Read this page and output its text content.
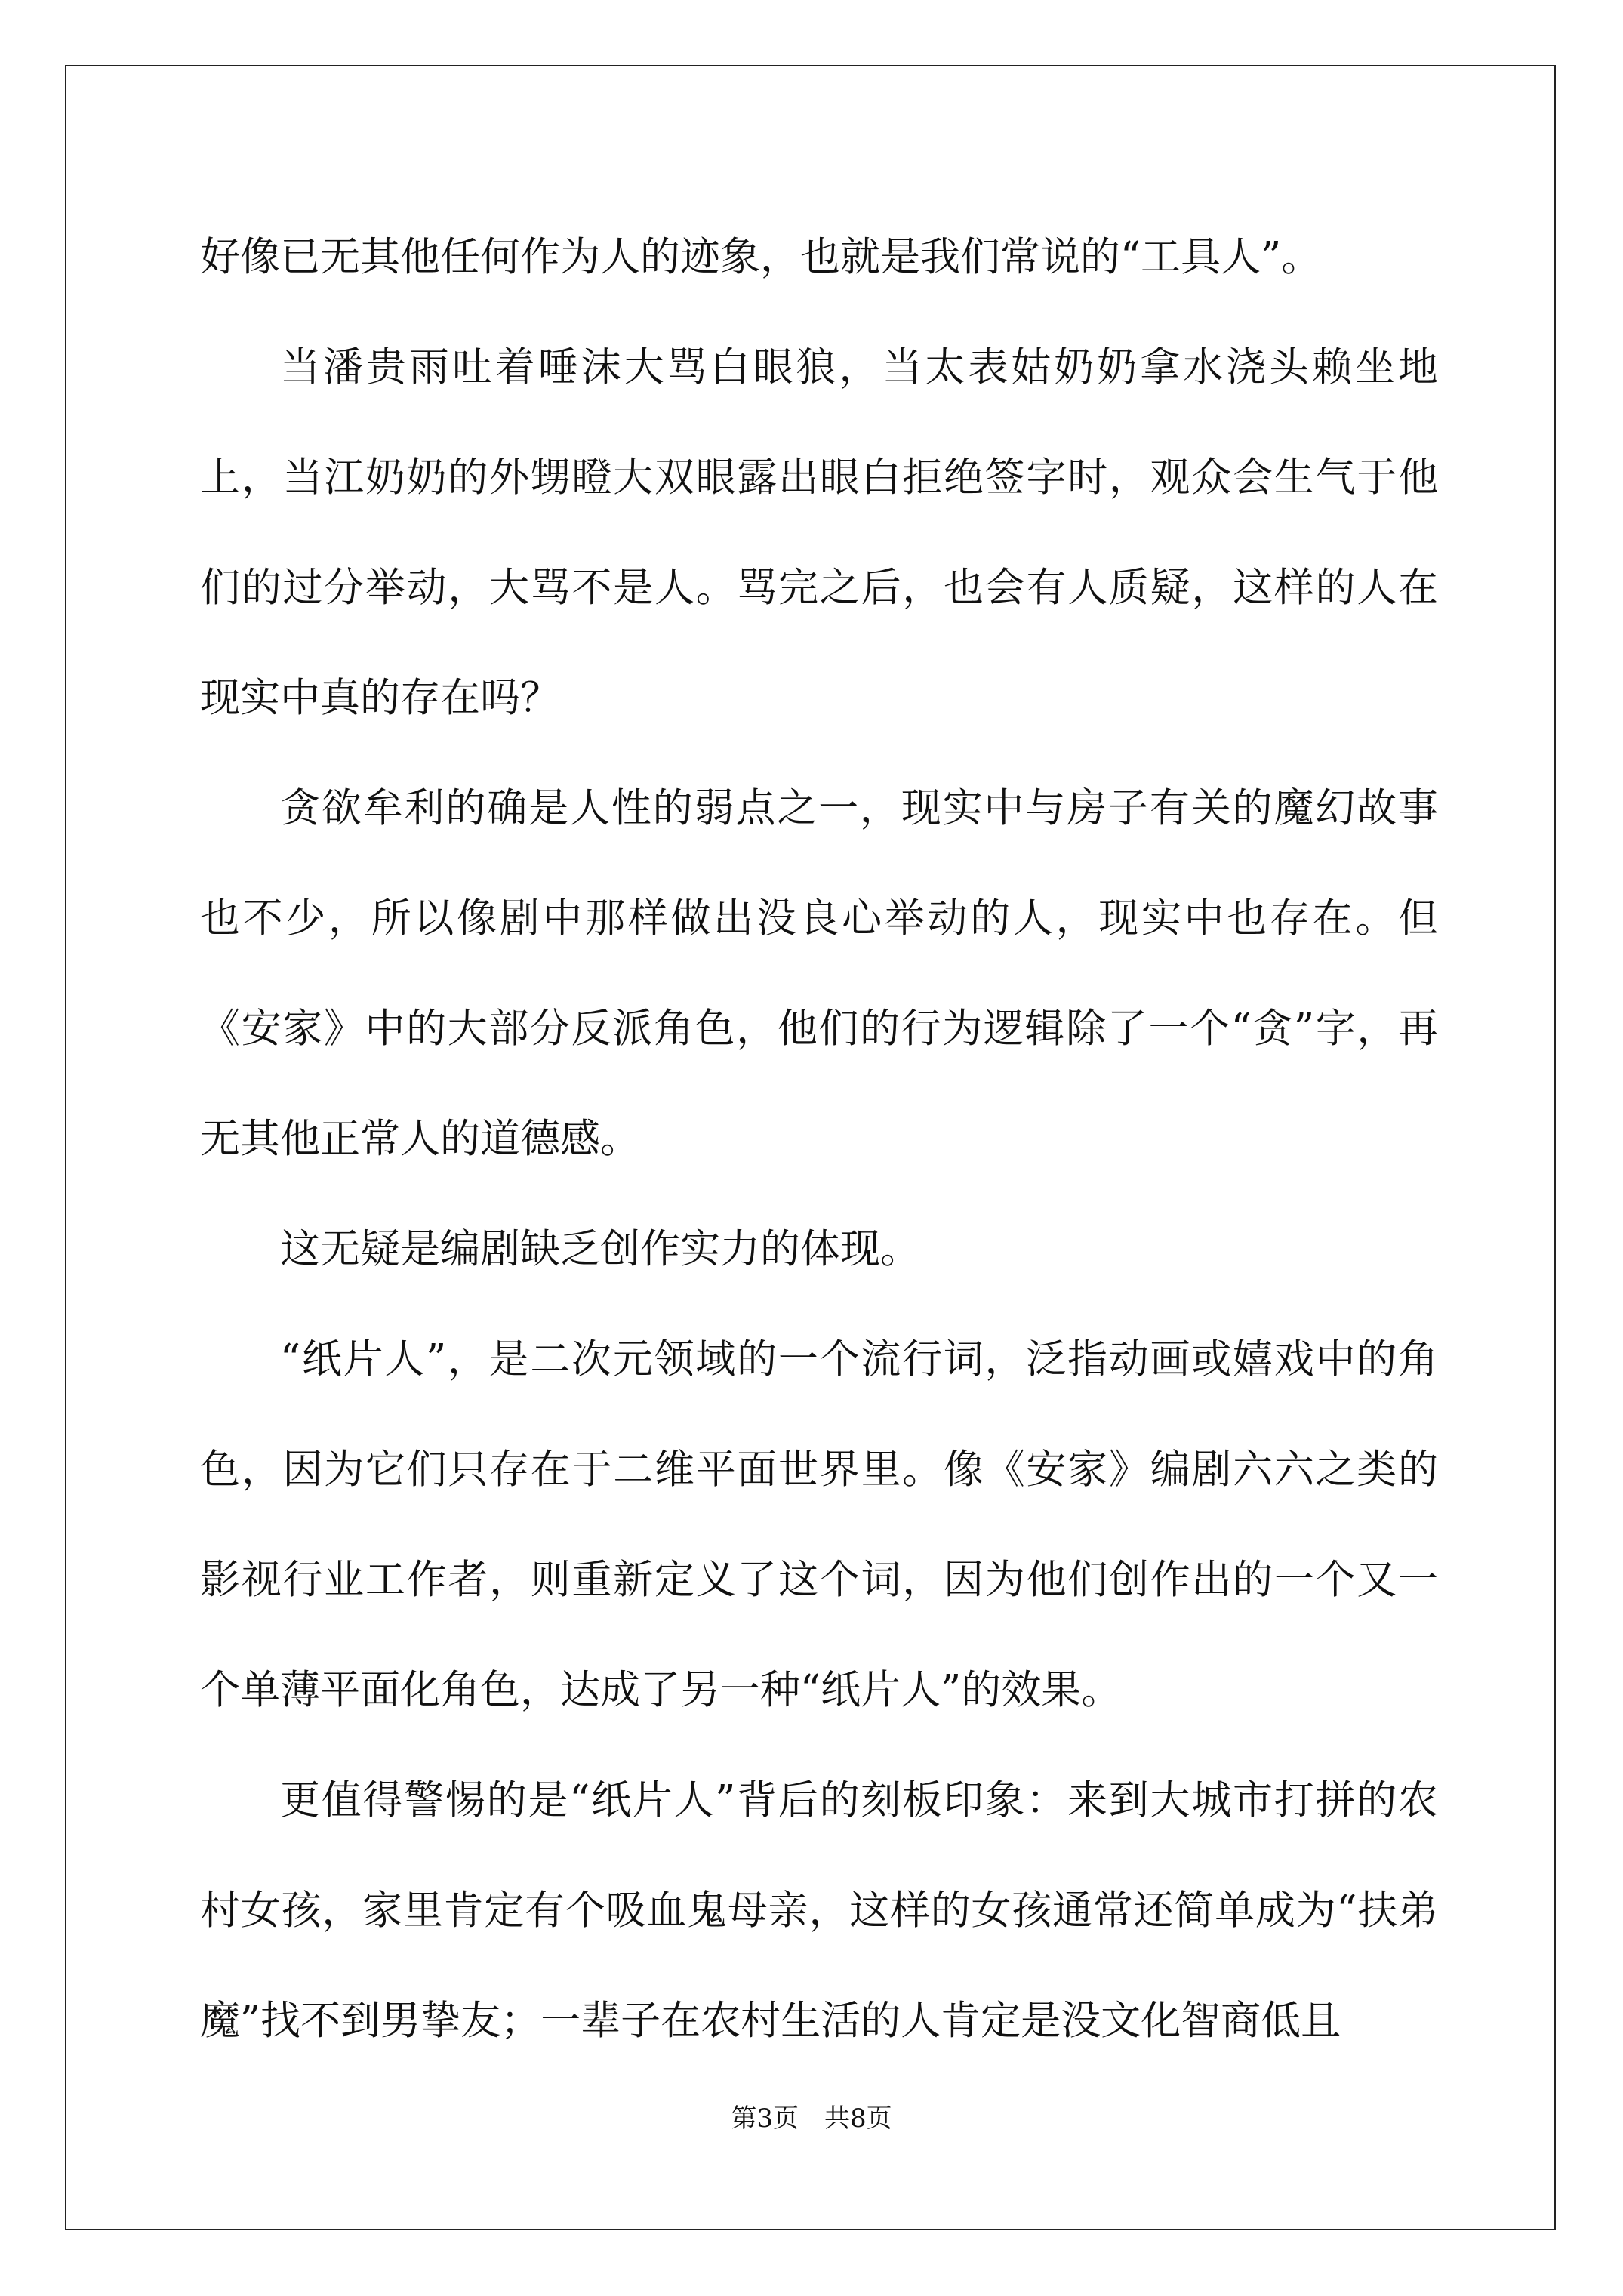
好像已无其他任何作为人的迹象，也就是我们常说的“工具人”。

当潘贵雨吐着唾沫大骂白眼狼，当太表姑奶奶拿水浇头赖坐地上，当江奶奶的外甥瞪大双眼露出眼白拒绝签字时，观众会生气于他们的过分举动，大骂不是人。骂完之后，也会有人质疑，这样的人在现实中真的存在吗？

贪欲牟利的确是人性的弱点之一，现实中与房子有关的魔幻故事也不少，所以像剧中那样做出没良心举动的人，现实中也存在。但《安家》中的大部分反派角色，他们的行为逻辑除了一个“贪”字，再无其他正常人的道德感。

这无疑是编剧缺乏创作实力的体现。

“纸片人”，是二次元领域的一个流行词，泛指动画或嬉戏中的角色，因为它们只存在于二维平面世界里。像《安家》编剧六六之类的影视行业工作者，则重新定义了这个词，因为他们创作出的一个又一个单薄平面化角色，达成了另一种“纸片人”的效果。

更值得警惕的是“纸片人”背后的刻板印象：来到大城市打拼的农村女孩，家里肯定有个吸血鬼母亲，这样的女孩通常还简单成为“扶弟魔”找不到男挚友；一辈子在农村生活的人肯定是没文化智商低且

第3页　共8页
